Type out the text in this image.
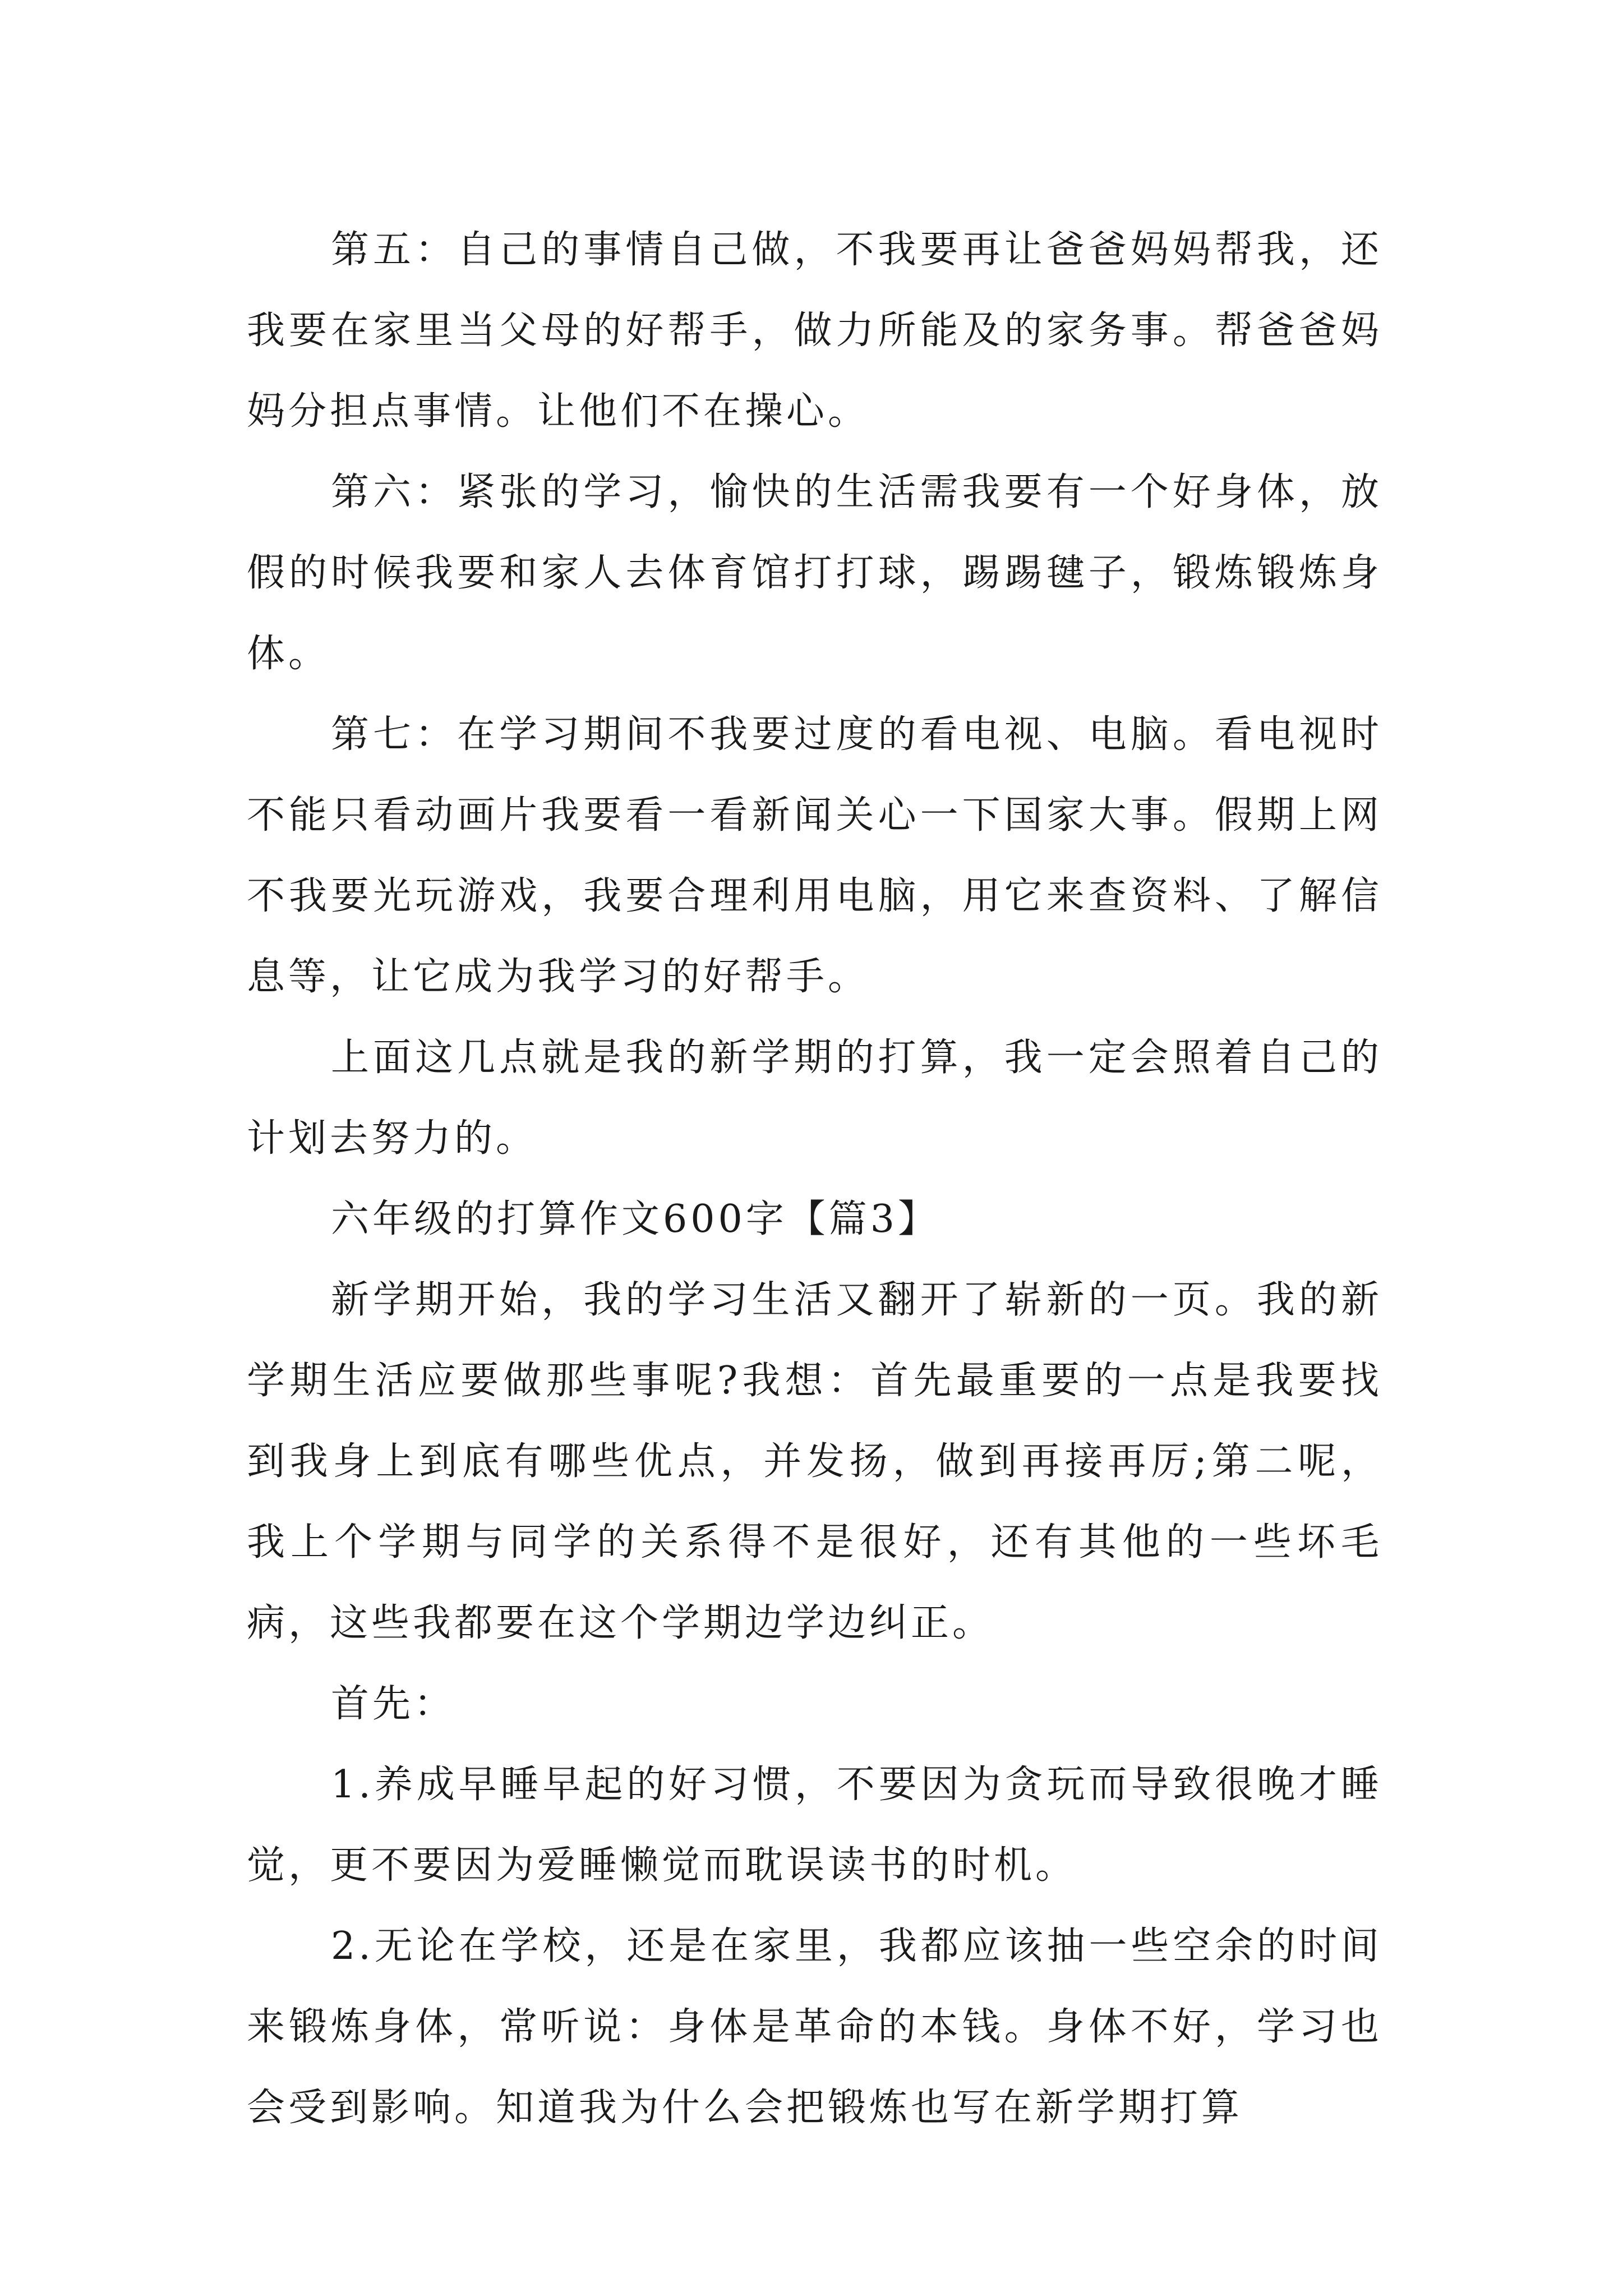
第五：自己的事情自己做，不我要再让爸爸妈妈帮我，还我要在家里当父母的好帮手，做力所能及的家务事。帮爸爸妈妈分担点事情。让他们不在操心。

第六：紧张的学习，愉快的生活需我要有一个好身体，放假的时候我要和家人去体育馆打打球，踢踢毽子，锻炼锻炼身体。

第七：在学习期间不我要过度的看电视、电脑。看电视时不能只看动画片我要看一看新闻关心一下国家大事。假期上网不我要光玩游戏，我要合理利用电脑，用它来查资料、了解信息等，让它成为我学习的好帮手。

上面这几点就是我的新学期的打算，我一定会照着自己的计划去努力的。

六年级的打算作文600字【篇3】

新学期开始，我的学习生活又翻开了崭新的一页。我的新学期生活应要做那些事呢?我想：首先最重要的一点是我要找到我身上到底有哪些优点，并发扬，做到再接再厉;第二呢，我上个学期与同学的关系得不是很好，还有其他的一些坏毛病，这些我都要在这个学期边学边纠正。

首先：

1.养成早睡早起的好习惯，不要因为贪玩而导致很晚才睡觉，更不要因为爱睡懒觉而耽误读书的时机。

2.无论在学校，还是在家里，我都应该抽一些空余的时间来锻炼身体，常听说：身体是革命的本钱。身体不好，学习也会受到影响。知道我为什么会把锻炼也写在新学期打算
